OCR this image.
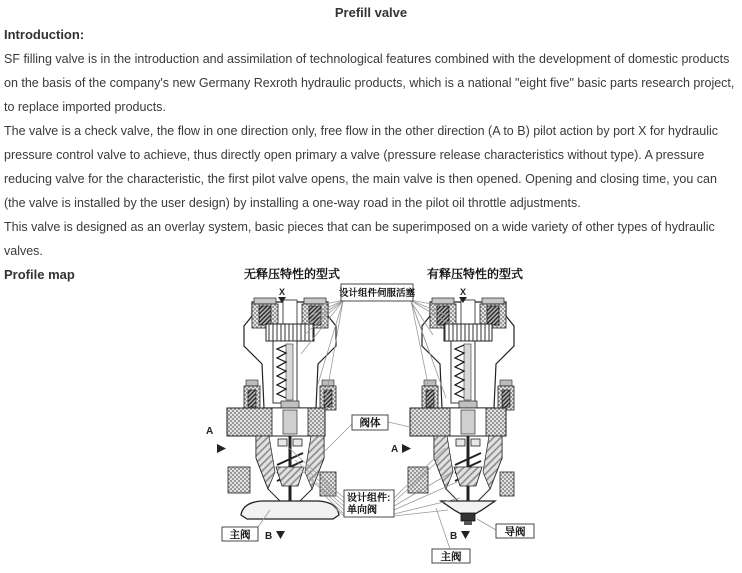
Prefill valve

Introduction:

SF filling valve is in the introduction and assimilation of technological features combined with the development of domestic products on the basis of the company's new Germany Rexroth hydraulic products, which is a national "eight five" basic parts research project, to replace imported products.

The valve is a check valve, the flow in one direction only, free flow in the other direction (A to B) pilot action by port X for hydraulic pressure control valve to achieve, thus directly open primary a valve (pressure release characteristics without type). A pressure reducing valve for the characteristic, the first pilot valve opens, the main valve is then opened. Opening and closing time, you can (the valve is installed by the user design) by installing a one-way road in the pilot oil throttle adjustments.

This valve is designed as an overlay system, basic pieces that can be superimposed on a wide variety of other types of hydraulic valves.

Profile map

A
B
X
无释压特性的型式
主阀
A
B
X
有释压特性的型式
主阀
导阀
设计组件伺服活塞
阀体
设计组件:
单向阀
